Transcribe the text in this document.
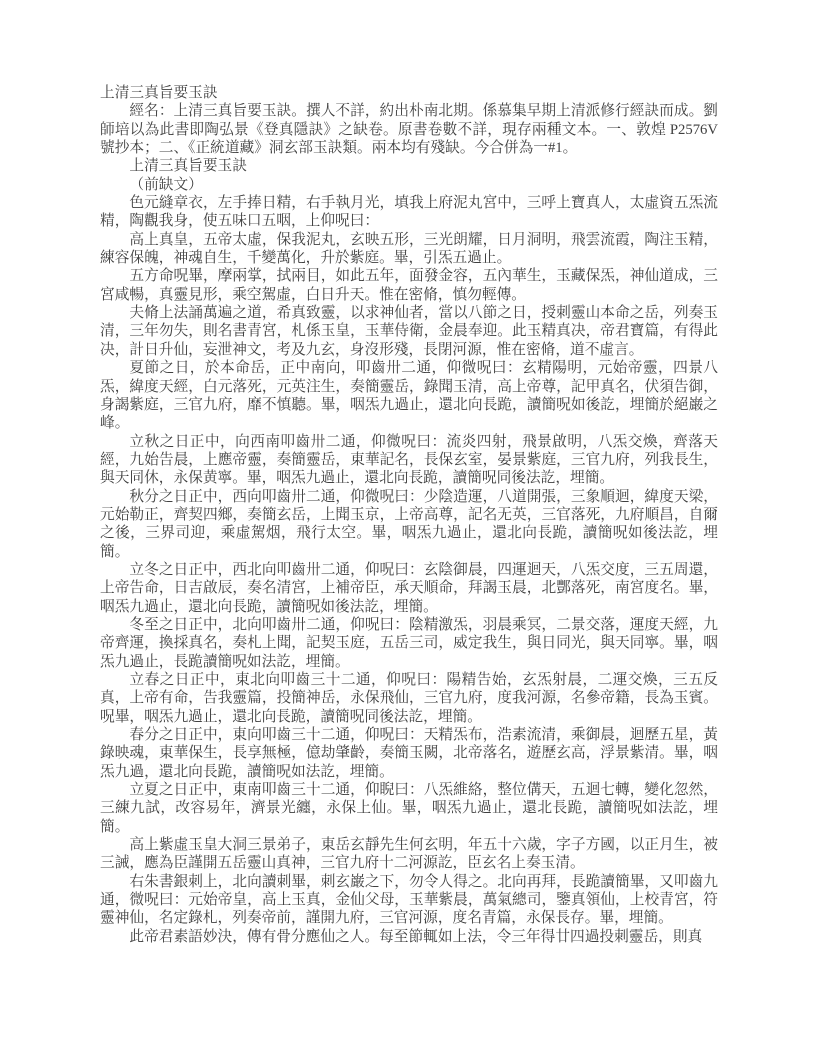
上清三真旨要玉訣

經名：上清三真旨要玉訣。撰人不詳，約出朴南北期。係慕集早期上清派修行經訣而成。劉師培以為此書即陶弘景《登真隱訣》之缺卷。原書卷數不詳，現存兩種文本。一、敦煌 P2576V號抄本；二、《正統道藏》洞玄部玉訣類。兩本均有殘缺。今合併為一#1。

上清三真旨要玉訣

（前缺文）

色元縫章衣，左手捧日精，右手執月光，填我上府泥丸宮中，三呼上寶真人，太虛資五炁流精，陶觀我身，使五味口五咽，上仰呪曰：

高上真皇，五帝太虛，保我泥丸，玄映五形，三光朗耀，日月洞明，飛雲流霞，陶注玉精，練容保魄，神魂自生，千變萬化，升於紫庭。畢，引炁五過止。

五方命呪畢，摩兩掌，拭兩目，如此五年，面發金容，五內華生，玉藏保炁，神仙道成，三宮咸暢，真靈見形，乘空駕虛，白日升天。惟在密脩，慎勿輕傳。

夫脩上法誦萬遍之道，希真致靈，以求神仙者，當以八節之日，授刺靈山本命之岳，列奏玉清，三年勿失，則名書青宮，札係玉皇，玉華侍衛，金晨奉迎。此玉精真决，帝君寶篇，有得此决，計日升仙，妄泄神文，考及九玄，身沒形殘，長閉河源，惟在密脩，道不虛言。

夏節之日，於本命岳，正中南向，叩齒卅二通，仰微呪曰：玄精陽明，元始帝靈，四景八炁，緯度天經，白元落死，元英注生，奏簡靈岳，錄聞玉清，高上帝尊，記甲真名，伏須告御，身謁紫庭，三官九府，靡不慎聽。畢，咽炁九過止，還北向長跪，讀簡呪如後訖，埋簡於絕巌之峰。

立秋之日正中，向西南叩齒卅二通，仰微呪曰：流炎四射，飛景啟明，八炁交煥，齊落天經，九始告晨，上應帝靈，奏簡靈岳，東華記名，長保玄室，晏景紫庭，三官九府，列我長生，與天同休，永保黄寧。畢，咽炁九過止，還北向長跪，讀簡呪同後法訖，埋簡。

秋分之日正中，西向叩齒卅二通，仰微呪曰：少陰造運，八道開張，三象順迴，緯度天梁，元始勒正，齊契四鄉，奏簡玄岳，上聞玉京，上帝高尊，記名无英，三官落死，九府順昌，自爾之後，三界司迎，乘虛駕烟，飛行太空。畢，咽炁九過止，還北向長跪，讀簡呪如後法訖，埋簡。

立冬之日正中，西北向叩齒卅二通，仰呪曰：玄陰御晨，四運迴天，八炁交度，三五周還，上帝告命，日吉啟辰，奏名清宮，上補帝臣，承天順命，拜謁玉晨，北酆落死，南宮度名。畢，咽炁九過止，還北向長跪，讀簡呪如後法訖，埋簡。

冬至之日正中，北向叩齒卅二通，仰呪曰：陰精激炁，羽晨乘冥，二景交落，運度天經，九帝齊運，換採真名，奏札上聞，記契玉庭，五岳三司，威定我生，與日同光，與天同寧。畢，咽炁九過止，長跪讀簡呪如法訖，埋簡。

立春之日正中，東北向叩齒三十二通，仰呪曰：陽精告始，玄炁射晨，二運交煥，三五反真，上帝有命，告我靈篇，投簡神岳，永保飛仙，三官九府，度我河源，名參帝籍，長為玉賓。呪畢，咽炁九過止，還北向長跪，讀簡呪同後法訖，埋簡。

春分之日正中，東向叩齒三十二通，仰呪曰：天精炁布，浩素流清，乘御晨，迴歷五星，黃錄映魂，東華保生，長享無極，億劫肇齡，奏簡玉闕，北帝落名，遊歷玄高，浮景紫清。畢，咽炁九過，還北向長跪，讀簡呪如法訖，埋簡。

立夏之日正中，東南叩齒三十二通，仰睨曰：八炁維絡，整位傋天，五迴七轉，變化忽然，三練九試，改容易年，濟景光纏，永保上仙。畢，咽炁九過止，還北長跪，讀簡呪如法訖，埋簡。

高上紫虛玉皇大洞三景弟子，東岳玄靜先生何玄明，年五十六歲，字子方國，以正月生，被三誡，應為臣謹開五岳靈山真神，三官九府十二河源訖，臣玄名上奏玉清。

右朱書銀刺上，北向讀刺畢，刺玄巌之下，勿令人得之。北向再拜，長跪讀簡畢，又叩齒九通，微呪曰：元始帝皇，高上玉真，金仙父母，玉華紫晨，萬氣總司，鑒真領仙，上校青宮，符靈神仙，名定錄札，列奏帝前，謹開九府，三官河源，度名青篇，永保長存。畢，埋簡。

此帝君素語妙決，傳有骨分應仙之人。每至節輒如上法，令三年得廿四過投刺靈岳，則真
